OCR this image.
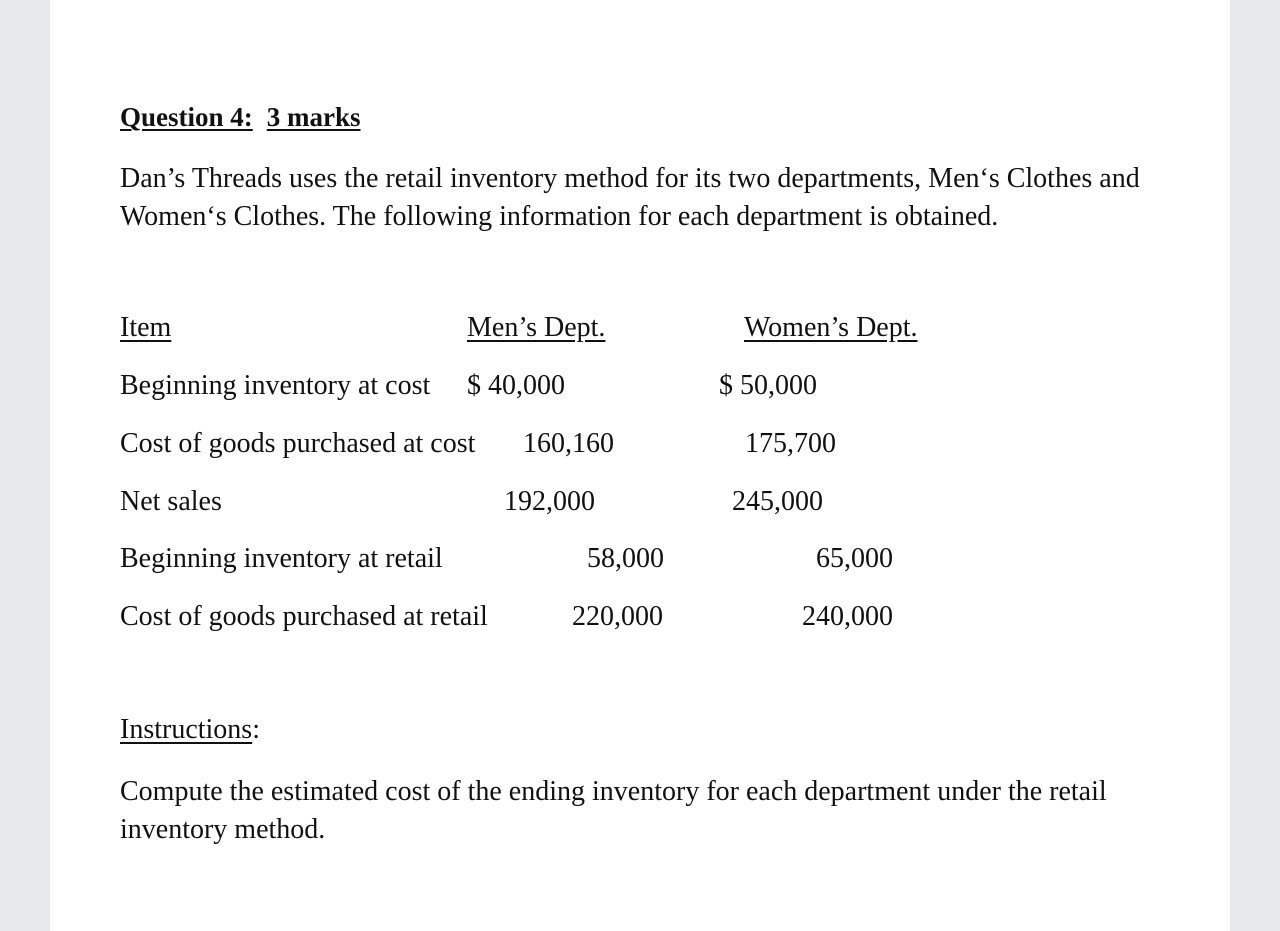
Question 4: 3 marks
Dan’s Threads uses the retail inventory method for its two departments, Men‘s Clothes and Women‘s Clothes. The following information for each department is obtained.
Item	Men’s Dept.	Women’s Dept.
Beginning inventory at cost $ 40,000	$ 50,000
Cost of goods purchased at cost 160,160	175,700
Net sales	192,000	245,000
Beginning inventory at retail	58,000	65,000
Cost of goods purchased at retail	220,000	240,000
Instructions:
Compute the estimated cost of the ending inventory for each department under the retail inventory method.
